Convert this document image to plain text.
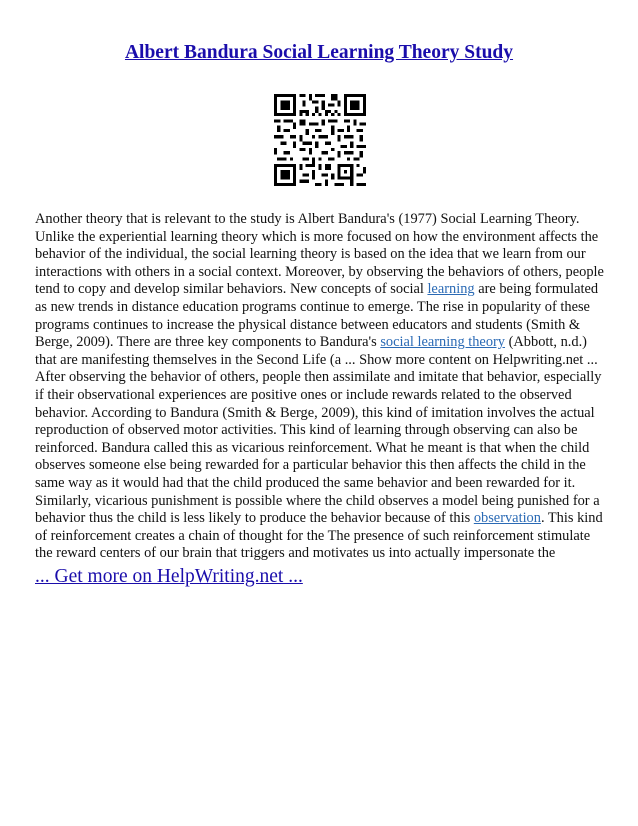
Albert Bandura Social Learning Theory Study

Another theory that is relevant to the study is Albert Bandura's (1977) Social Learning Theory. Unlike the experiential learning theory which is more focused on how the environment affects the behavior of the individual, the social learning theory is based on the idea that we learn from our interactions with others in a social context. Moreover, by observing the behaviors of others, people tend to copy and develop similar behaviors. New concepts of social learning are being formulated as new trends in distance education programs continue to emerge. The rise in popularity of these programs continues to increase the physical distance between educators and students (Smith & Berge, 2009). There are three key components to Bandura's social learning theory (Abbott, n.d.) that are manifesting themselves in the Second Life (a ... Show more content on Helpwriting.net ...

After observing the behavior of others, people then assimilate and imitate that behavior, especially if their observational experiences are positive ones or include rewards related to the observed behavior. According to Bandura (Smith & Berge, 2009), this kind of imitation involves the actual reproduction of observed motor activities. This kind of learning through observing can also be reinforced. Bandura called this as vicarious reinforcement. What he meant is that when the child observes someone else being rewarded for a particular behavior this then affects the child in the same way as it would had that the child produced the same behavior and been rewarded for it. Similarly, vicarious punishment is possible where the child observes a model being punished for a behavior thus the child is less likely to produce the behavior because of this observation. This kind of reinforcement creates a chain of thought for the The presence of such reinforcement stimulate the reward centers of our brain that triggers and motivates us into actually impersonate the

... Get more on HelpWriting.net ...
